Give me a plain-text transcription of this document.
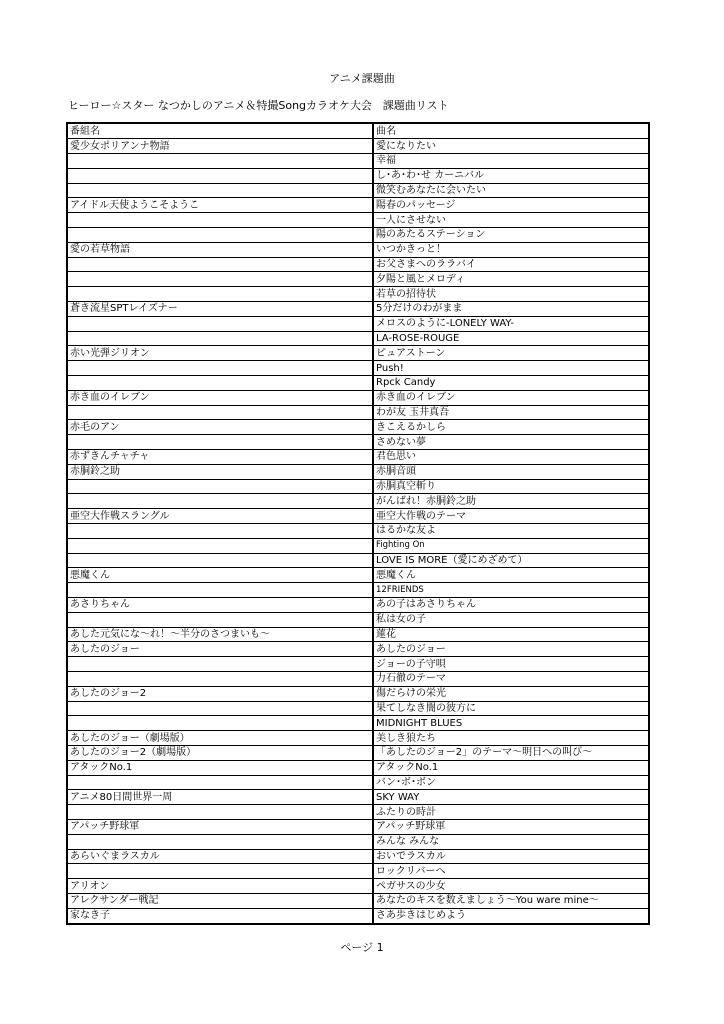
アニメ課題曲
ヒーロー☆スター なつかしのアニメ＆特撮Songカラオケ大会　課題曲リスト
番組名	曲名
愛少女ポリアンナ物語	愛になりたい
	幸福
	し･あ･わ･せ カーニバル
	微笑むあなたに会いたい
アイドル天使ようこそようこ	陽春のパッセージ
	一人にさせない
	陽のあたるステーション
愛の若草物語	いつかきっと！
	お父さまへのララバイ
	夕陽と風とメロディ
	若草の招待状
蒼き流星SPTレイズナー	5分だけのわがまま
	メロスのように-LONELY WAY-
	LA-ROSE-ROUGE
赤い光弾ジリオン	ピュアストーン
	Push!
	Rpck Candy
赤き血のイレブン	赤き血のイレブン
	わが友 玉井真吾
赤毛のアン	きこえるかしら
	さめない夢
赤ずきんチャチャ	君色思い
赤胴鈴之助	赤胴音頭
	赤胴真空斬り
	がんばれ！赤胴鈴之助
亜空大作戦スラングル	亜空大作戦のテーマ
	はるかな友よ
	Fighting On
	LOVE IS MORE（愛にめざめて）
悪魔くん	悪魔くん
	12FRIENDS
あさりちゃん	あの子はあさりちゃん
	私は女の子
あした元気にな～れ！～半分のさつまいも～	蓮花
あしたのジョー	あしたのジョー
	ジョーの子守唄
	力石徹のテーマ
あしたのジョー2	傷だらけの栄光
	果てしなき闇の彼方に
	MIDNIGHT BLUES
あしたのジョー（劇場版）	美しき狼たち
あしたのジョー2（劇場版）	「あしたのジョー2」のテーマ～明日への叫び～
アタックNo.1	アタックNo.1
	バン･ボ･ボン
アニメ80日間世界一周	SKY WAY
	ふたりの時計
アパッチ野球軍	アパッチ野球軍
	みんな みんな
あらいぐまラスカル	おいでラスカル
	ロックリバーへ
アリオン	ペガサスの少女
アレクサンダー戦記	あなたのキスを数えましょう～You ware mine～
家なき子	さあ歩きはじめよう
ページ 1
